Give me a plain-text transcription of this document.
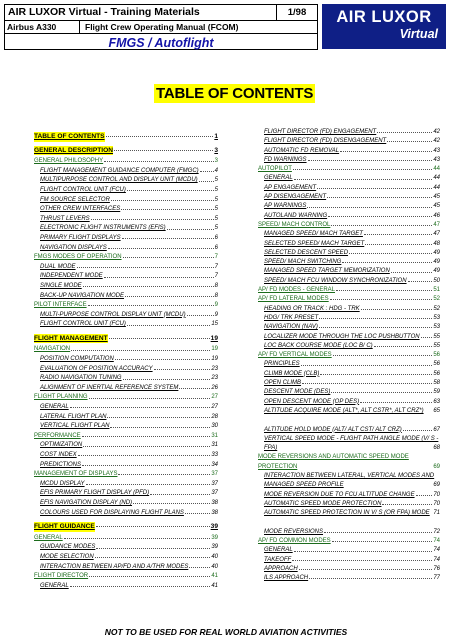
AIR LUXOR Virtual - Training Materials	1/98
Airbus A330	Flight Crew Operating Manual (FCOM)
FMGS / Autoflight
AIR LUXOR
Virtual
TABLE OF CONTENTS
TABLE OF CONTENTS	1
GENERAL DESCRIPTION	3
GENERAL PHILOSOPHY	3
FLIGHT MANAGEMENT GUIDANCE COMPUTER (FMGC)	4
MULTIPURPOSE CONTROL AND DISPLAY UNIT (MCDU)	5
FLIGHT CONTROL UNIT (FCU)	5
FM SOURCE SELECTOR	5
OTHER CREW INTERFACES	5
THRUST LEVERS	5
ELECTRONIC FLIGHT INSTRUMENTS (EFIS)	5
PRIMARY FLIGHT DISPLAYS	6
NAVIGATION DISPLAYS	6
FMGS MODES OF OPERATION	7
DUAL MODE	7
INDEPENDENT MODE	7
SINGLE MODE	8
BACK-UP NAVIGATION MODE	8
PILOT INTERFACE	9
MULTI-PURPOSE CONTROL DISPLAY UNIT (MCDU)	9
FLIGHT CONTROL UNIT (FCU)	15
FLIGHT MANAGEMENT	19
NAVIGATION	19
POSITION COMPUTATION	19
EVALUATION OF POSITION ACCURACY	23
RADIO NAVIGATION TUNING	23
ALIGNMENT OF INERTIAL REFERENCE SYSTEM	26
FLIGHT PLANNING	27
GENERAL	27
LATERAL FLIGHT PLAN	28
VERTICAL FLIGHT PLAN	30
PERFORMANCE	31
OPTIMIZATION	31
COST INDEX	33
PREDICTIONS	34
MANAGEMENT OF DISPLAYS	37
MCDU DISPLAY	37
EFIS PRIMARY FLIGHT DISPLAY (PFD)	37
EFIS NAVIGATION DISPLAY (ND)	38
COLOURS USED FOR DISPLAYING FLIGHT PLANS	38
FLIGHT GUIDANCE	39
GENERAL	39
GUIDANCE MODES	39
MODE SELECTION	40
INTERACTION BETWEEN AP/FD AND A/THR MODES	40
FLIGHT DIRECTOR	41
GENERAL	41
FLIGHT DIRECTOR (FD) ENGAGEMENT	42
FLIGHT DIRECTOR (FD) DISENGAGEMENT	42
AUTOMATIC FD REMOVAL	43
FD WARNINGS	43
AUTOPILOT	44
GENERAL	44
AP ENGAGEMENT	44
AP DISENGAGEMENT	45
AP WARNINGS	45
AUTOLAND WARNING	46
SPEED/ MACH CONTROL	47
MANAGED SPEED/ MACH TARGET	47
SELECTED SPEED/ MACH TARGET	48
SELECTED DESCENT SPEED	49
SPEED/ MACH SWITCHING	49
MANAGED SPEED TARGET MEMORIZATION	49
SPEED/ MACH FCU WINDOW SYNCHRONIZATION	50
AP/ FD MODES - GENERAL	51
AP/ FD LATERAL MODES	52
HEADING OR TRACK : HDG - TRK	52
HDG/ TRK PRESET	53
NAVIGATION (NAV)	53
LOCALIZER MODE THROUGH THE LOC PUSHBUTTON 55
LOC BACK COURSE MODE (LOC B/ C)	55
AP/ FD VERTICAL MODES	56
PRINCIPLES	56
CLIMB MODE (CLB)	56
OPEN CLIMB	58
DESCENT MODE (DES)	59
OPEN DESCENT MODE (OP DES)	63
ALTITUDE ACQUIRE MODE (ALT*, ALT CSTR*, ALT CRZ*) 65
ALTITUDE HOLD MODE (ALT/ ALT CST/ ALT CRZ)	67
VERTICAL SPEED MODE - FLIGHT PATH ANGLE MODE (V/ S - FPA)	68
MODE REVERSIONS AND AUTOMATIC SPEED MODE PROTECTION	69
INTERACTION BETWEEN LATERAL, VERTICAL MODES AND MANAGED SPEED PROFILE	69
MODE REVERSION DUE TO FCU ALTITUDE CHANGE	70
AUTOMATIC SPEED MODE PROTECTION	70
AUTOMATIC SPEED PROTECTION IN V/ S (OR FPA) MODE 71
MODE REVERSIONS	72
AP/ FD COMMON MODES	74
GENERAL	74
TAKEOFF	74
APPROACH	76
ILS APPROACH	77
NOT TO BE USED FOR REAL WORLD AVIATION ACTIVITIES
